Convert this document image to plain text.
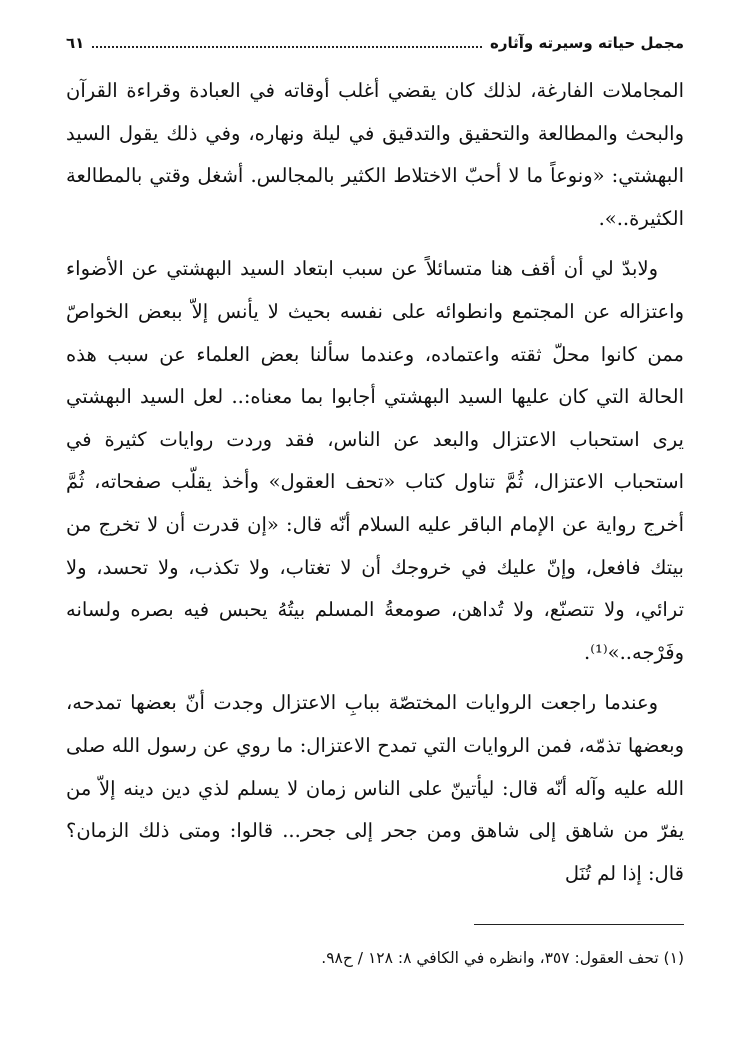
مجمل حياته وسيرته وآثاره
٦١

المجاملات الفارغة، لذلك كان يقضي أغلب أوقاته في العبادة وقراءة القرآن والبحث والمطالعة والتحقيق والتدقيق في ليلة ونهاره، وفي ذلك يقول السيد البهشتي: «ونوعاً ما لا أحبّ الاختلاط الكثير بالمجالس. أشغل وقتي بالمطالعة الكثيرة..».

ولابدّ لي أن أقف هنا متسائلاً عن سبب ابتعاد السيد البهشتي عن الأضواء واعتزاله عن المجتمع وانطوائه على نفسه بحيث لا يأنس إلاّ ببعض الخواصّ ممن كانوا محلّ ثقته واعتماده، وعندما سألنا بعض العلماء عن سبب هذه الحالة التي كان عليها السيد البهشتي أجابوا بما معناه:.. لعل السيد البهشتي يرى استحباب الاعتزال والبعد عن الناس، فقد وردت روايات كثيرة في استحباب الاعتزال، ثُمَّ تناول كتاب «تحف العقول» وأخذ يقلّب صفحاته، ثُمَّ أخرج رواية عن الإمام الباقر عليه السلام أنّه قال: «إن قدرت أن لا تخرج من بيتك فافعل، وإنّ عليك في خروجك أن لا تغتاب، ولا تكذب، ولا تحسد، ولا ترائي، ولا تتصنّع، ولا تُداهن، صومعةُ المسلم بيتُهُ يحبس فيه بصره ولسانه وفَرْجه..»⁽¹⁾.

وعندما راجعت الروايات المختصّة ببابِ الاعتزال وجدت أنّ بعضها تمدحه، وبعضها تذمّه، فمن الروايات التي تمدح الاعتزال: ما روي عن رسول الله صلى الله عليه وآله أنّه قال: ليأتينّ على الناس زمان لا يسلم لذي دين دينه إلاّ من يفرّ من شاهق إلى شاهق ومن جحر إلى جحر... قالوا: ومتى ذلك الزمان؟ قال: إذا لم تُنَل

(١) تحف العقول: ٣٥٧، وانظره في الكافي ٨: ١٢٨ / ح٩٨.
